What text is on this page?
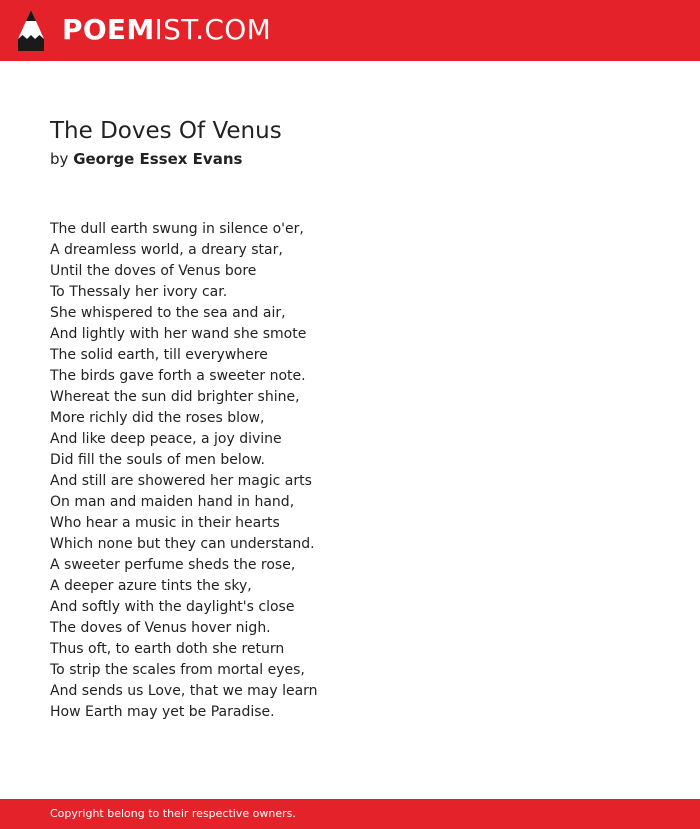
POEMIST.COM
The Doves Of Venus
by George Essex Evans
The dull earth swung in silence o'er,
A dreamless world, a dreary star,
Until the doves of Venus bore
To Thessaly her ivory car.
She whispered to the sea and air,
And lightly with her wand she smote
The solid earth, till everywhere
The birds gave forth a sweeter note.
Whereat the sun did brighter shine,
More richly did the roses blow,
And like deep peace, a joy divine
Did fill the souls of men below.
And still are showered her magic arts
On man and maiden hand in hand,
Who hear a music in their hearts
Which none but they can understand.
A sweeter perfume sheds the rose,
A deeper azure tints the sky,
And softly with the daylight's close
The doves of Venus hover nigh.
Thus oft, to earth doth she return
To strip the scales from mortal eyes,
And sends us Love, that we may learn
How Earth may yet be Paradise.
Copyright belong to their respective owners.
